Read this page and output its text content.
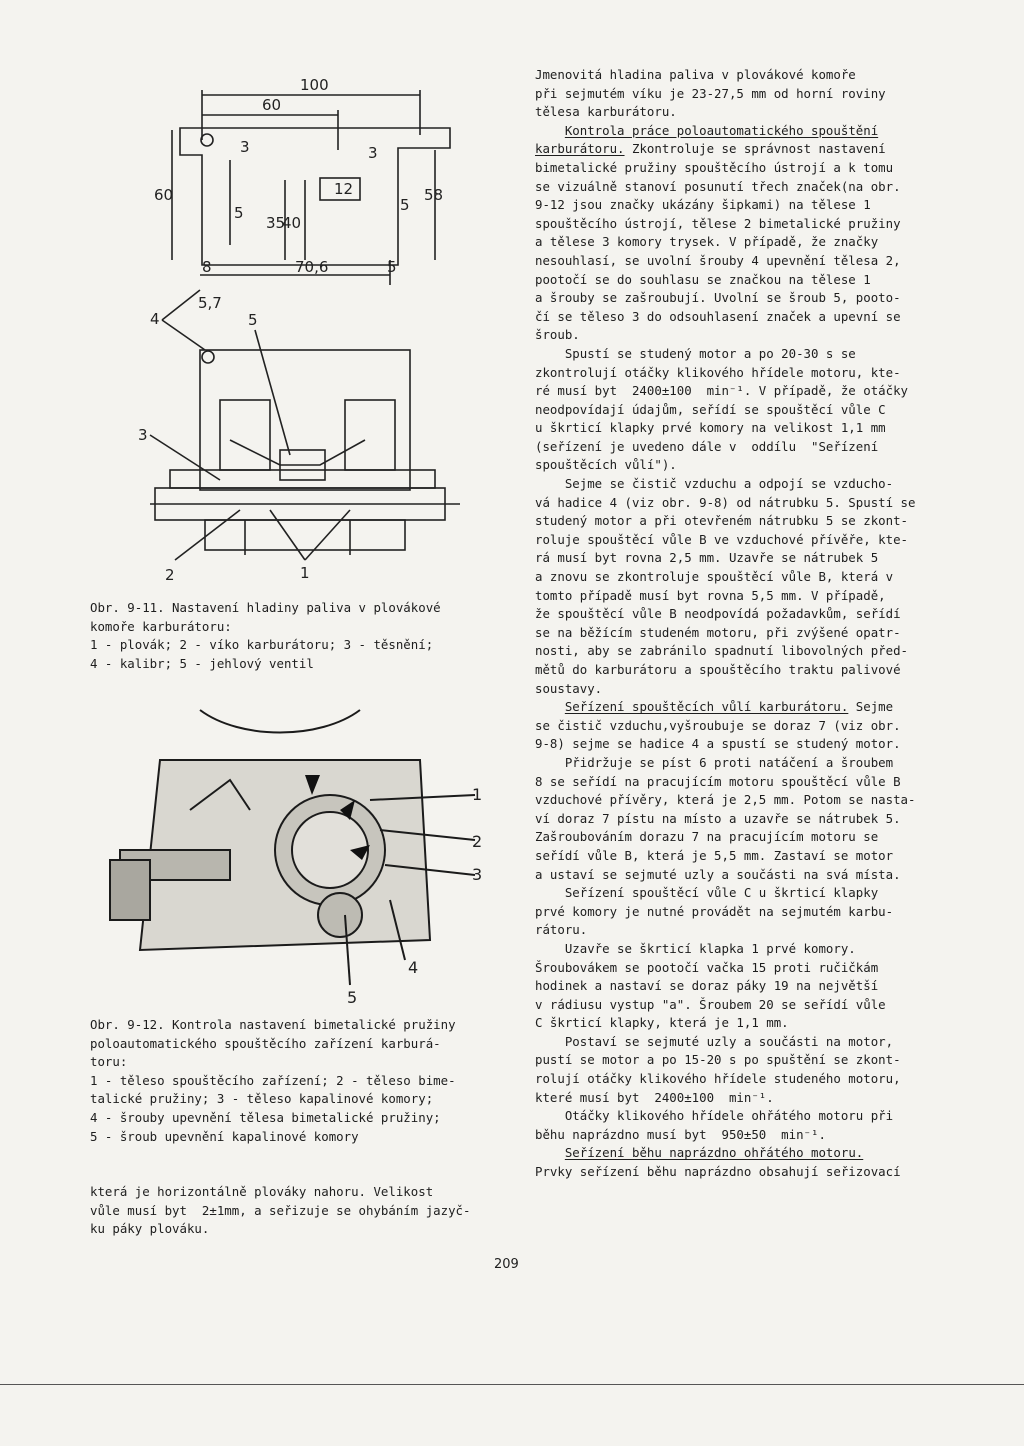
100
60
3	3
12
60
5
35
40
58
5
8	70,6	5
5,7
4	5
3
2	1

Obr. 9-11. Nastavení hladiny paliva v plovákové

komoře karburátoru:

1 - plovák; 2 - víko karburátoru; 3 - těsnění;

4 - kalibr; 5 - jehlový ventil

1
2
3
4
5

Obr. 9-12. Kontrola nastavení bimetalické pružiny

poloautomatického spouštěcího zařízení karburá-

toru:

1 - těleso spouštěcího zařízení; 2 - těleso bime-

talické pružiny; 3 - těleso kapalinové komory;

4 - šrouby upevnění tělesa bimetalické pružiny;

5 - šroub upevnění kapalinové komory

která je horizontálně plováky nahoru. Velikost

vůle musí byt  2±1mm, a seřizuje se ohybáním jazyč-

ku páky plováku.

Jmenovitá hladina paliva v plovákové komoře

při sejmutém víku je 23-27,5 mm od horní roviny

tělesa karburátoru.

Kontrola práce poloautomatického spouštění

karburátoru. Zkontroluje se správnost nastavení

bimetalické pružiny spouštěcího ústrojí a k tomu

se vizuálně stanoví posunutí třech značek(na obr.

9-12 jsou značky ukázány šipkami) na tělese 1

spouštěcího ústrojí, tělese 2 bimetalické pružiny

a tělese 3 komory trysek. V případě, že značky

nesouhlasí, se uvolní šrouby 4 upevnění tělesa 2,

pootočí se do souhlasu se značkou na tělese 1

a šrouby se zašroubují. Uvolní se šroub 5, pooto-

čí se těleso 3 do odsouhlasení značek a upevní se

šroub.

Spustí se studený motor a po 20-30 s se

zkontrolují otáčky klikového hřídele motoru, kte-

ré musí byt  2400±100  min⁻¹. V případě, že otáčky

neodpovídají údajům, seřídí se spouštěcí vůle C

u škrticí klapky prvé komory na velikost 1,1 mm

(seřízení je uvedeno dále v  oddílu  "Seřízení

spouštěcích vůlí").

Sejme se čistič vzduchu a odpojí se vzducho-

vá hadice 4 (viz obr. 9-8) od nátrubku 5. Spustí se

studený motor a při otevřeném nátrubku 5 se zkont-

roluje spouštěcí vůle B ve vzduchové přívěře, kte-

rá musí byt rovna 2,5 mm. Uzavře se nátrubek 5

a znovu se zkontroluje spouštěcí vůle B, která v

tomto případě musí byt rovna 5,5 mm. V případě,

že spouštěcí vůle B neodpovídá požadavkům, seřídí

se na běžícím studeném motoru, při zvýšené opatr-

nosti, aby se zabránilo spadnutí libovolných před-

mětů do karburátoru a spouštěcího traktu palivové

soustavy.

Seřízení spouštěcích vůlí karburátoru. Sejme

se čistič vzduchu,vyšroubuje se doraz 7 (viz obr.

9-8) sejme se hadice 4 a spustí se studený motor.

Přidržuje se píst 6 proti natáčení a šroubem

8 se seřídí na pracujícím motoru spouštěcí vůle B

vzduchové přívěry, která je 2,5 mm. Potom se nasta-

ví doraz 7 pístu na místo a uzavře se nátrubek 5.

Zašroubováním dorazu 7 na pracujícím motoru se

seřídí vůle B, která je 5,5 mm. Zastaví se motor

a ustaví se sejmuté uzly a součásti na svá místa.

Seřízení spouštěcí vůle C u škrticí klapky

prvé komory je nutné provádět na sejmutém karbu-

rátoru.

Uzavře se škrticí klapka 1 prvé komory.

Šroubovákem se pootočí vačka 15 proti ručičkám

hodinek a nastaví se doraz páky 19 na největší

v rádiusu vystup "a". Šroubem 20 se seřídí vůle

C škrticí klapky, která je 1,1 mm.

Postaví se sejmuté uzly a součásti na motor,

pustí se motor a po 15-20 s po spuštění se zkont-

rolují otáčky klikového hřídele studeného motoru,

které musí byt  2400±100  min⁻¹.

Otáčky klikového hřídele ohřátého motoru při

běhu naprázdno musí byt  950±50  min⁻¹.

Seřízení běhu naprázdno ohřátého motoru.

Prvky seřízení běhu naprázdno obsahují seřizovací

209
